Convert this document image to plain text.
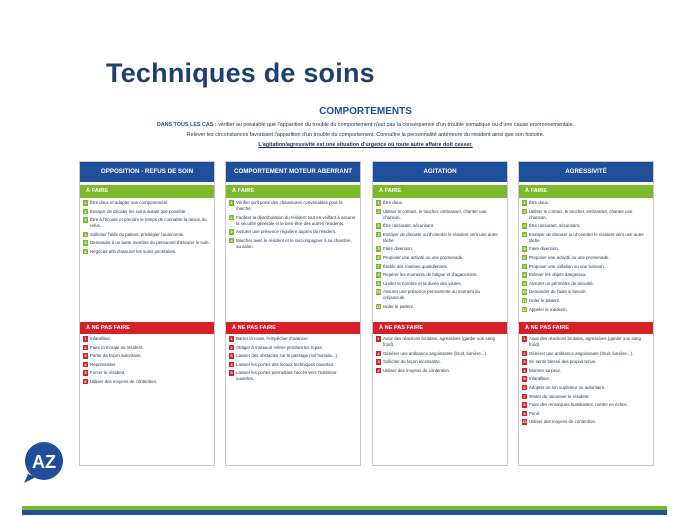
Techniques de soins
COMPORTEMENTS
DANS TOUS LES CAS : vérifier au préalable que l'apparition du trouble du comportement n'est pas la conséquence d'un trouble somatique ou d'une cause environnementale.
Relever les circonstances favorisant l'apparition d'un trouble du comportement. Connaître la personnalité antérieure du résident ainsi que son histoire.
L'agitation/agressivité est une situation d'urgence où toute autre affaire doit cesser.
OPPOSITION - REFUS DE SOIN
À FAIRE
1 Être doux et adapter son comportement.
2 Essayer de décaler les soins autant que possible.
3 Être à l'écoute et prendre le temps de connaître la raison du refus.
4 Solliciter l'aide du patient, privilégier l'autonomie.
5 Demander à un autre membre du personnel d'assurer le soin.
6 Négocier afin d'assurer les soins prioritaires.
À NE PAS FAIRE
1 Infantiliser.
2 Faire la morale au résident.
3 Parler de façon autoritaire.
4 Réprimander.
5 Forcer le résident.
6 Utiliser des moyens de contention.
COMPORTEMENT MOTEUR ABERRANT
À FAIRE
1 Vérifier qu'il porte des chaussures convenables pour la marche.
2 Faciliter la déambulation du résident tout en veillant à assurer la sécurité générale et le bien-être des autres résidents.
3 Assurer une présence régulière auprès du résident.
4 Marcher avec le résident et le raccompagner à sa chambre, au salon.
À NE PAS FAIRE
1 Barrer la route, l'empêcher d'avancer.
2 Obliger à s'asseoir même pendant les repas.
3 Laisser des obstacles sur le passage (sol humide...).
4 Laisser les portes des locaux techniques ouvertes.
5 Laisser les portes permettant l'accès vers l'extérieur ouvertes.
AGITATION
À FAIRE
1 Être doux.
2 Utiliser le contact, le toucher, embrasser, chanter une chanson.
3 Être rassurant, sécurisant.
4 Essayer de discuter ou d'orienter le résident vers une autre tâche.
5 Faire diversion.
6 Proposer une activité ou une promenade.
7 Établir des routines quotidiennes.
8 Repérer les moments de fatigue et d'agacement.
9 Limiter le nombre et la durée des visites.
10 Assurer une présence permanente au moment du crépuscule.
11 Isoler le patient.
À NE PAS FAIRE
1 Avoir des réactions brutales, agressives (garder son sang froid).
2 Générer une ambiance angoissante (bruit, lumière...).
3 Solliciter de façon incessante.
4 Utiliser des moyens de contention.
AGRESSIVITÉ
À FAIRE
1 Être doux.
2 Utiliser le contact, le toucher, embrasser, chanter une chanson.
3 Être rassurant, sécurisant.
4 Essayer de discuter ou d'orienter le résident vers une autre tâche.
5 Faire diversion.
6 Proposer une activité ou une promenade.
7 Proposer une collation ou une boisson.
8 Enlever les objets dangereux.
9 Assurer un périmètre de sécurité.
10 Demander de l'aide si besoin.
11 Isoler le patient.
12 Appeler le médecin.
À NE PAS FAIRE
1 Avoir des réactions brutales, agressives (garder son sang froid).
2 Générer une ambiance angoissante (bruit, lumière...).
3 Se sentir blessé des propos tenus.
4 Montrer sa peur.
5 Infantiliser.
6 Adopter un ton supérieur ou autoritaire.
7 Tenter de raisonner le résident.
8 Faire des remarques humiliantes, mettre en échec.
9 Punir.
10 Utiliser des moyens de contention.
AZ
